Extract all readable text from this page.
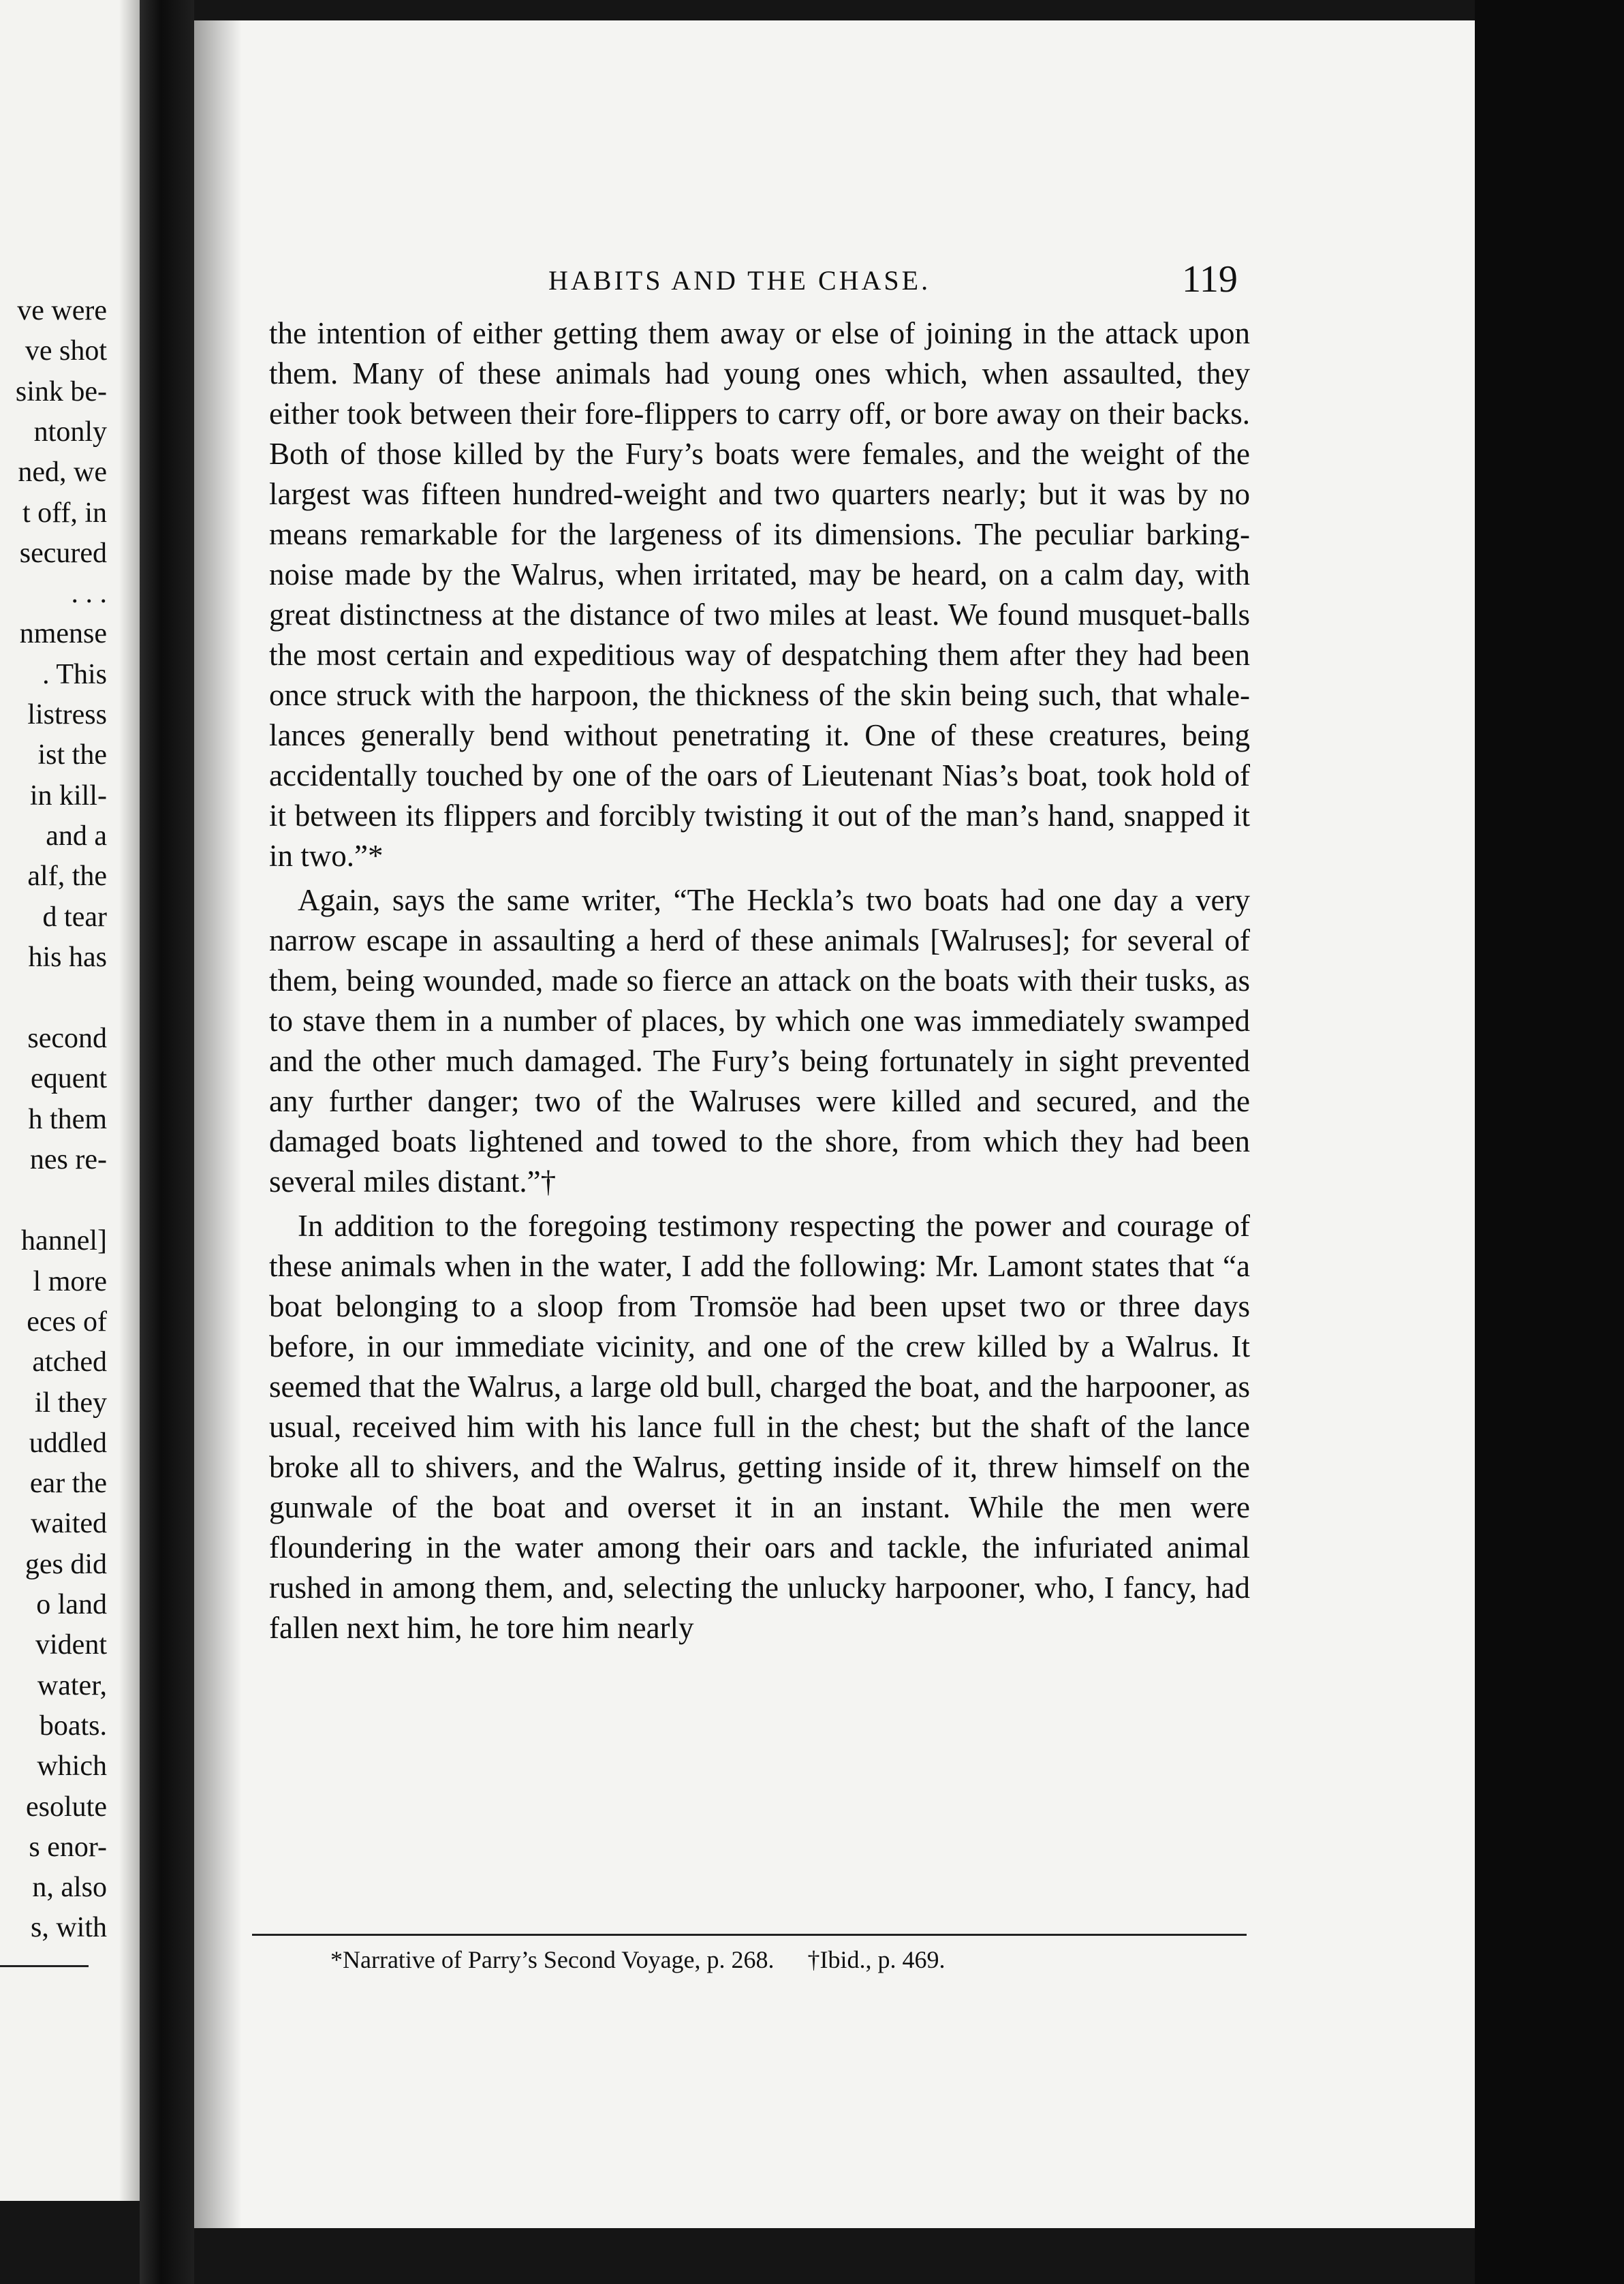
ve were
ve shot
sink be-
ntonly
ned, we
t off, in
secured
. . .
nmense
. This
listress
ist the
in kill-
and a
alf, the
d tear
his has
second
equent
h them
nes re-
hannel]
l more
eces of
atched
il they
uddled
ear the
waited
ges did
o land
vident
water,
boats.
which
esolute
s enor-
n, also
s, with
HABITS AND THE CHASE.	119

the intention of either getting them away or else of joining in the attack upon them. Many of these animals had young ones which, when assaulted, they either took between their fore-flippers to carry off, or bore away on their backs. Both of those killed by the Fury’s boats were females, and the weight of the largest was fifteen hundred-weight and two quarters nearly; but it was by no means remarkable for the largeness of its dimensions. The peculiar barking-noise made by the Walrus, when irritated, may be heard, on a calm day, with great distinctness at the distance of two miles at least. We found musquet-balls the most certain and expeditious way of despatching them after they had been once struck with the harpoon, the thickness of the skin being such, that whale-lances generally bend without penetrating it. One of these creatures, being accidentally touched by one of the oars of Lieutenant Nias’s boat, took hold of it between its flippers and forcibly twisting it out of the man’s hand, snapped it in two.”*

Again, says the same writer, “The Heckla’s two boats had one day a very narrow escape in assaulting a herd of these animals [Walruses]; for several of them, being wounded, made so fierce an attack on the boats with their tusks, as to stave them in a number of places, by which one was immediately swamped and the other much damaged. The Fury’s being fortunately in sight prevented any further danger; two of the Walruses were killed and secured, and the damaged boats lightened and towed to the shore, from which they had been several miles distant.”†

In addition to the foregoing testimony respecting the power and courage of these animals when in the water, I add the following: Mr. Lamont states that “a boat belonging to a sloop from Tromsöe had been upset two or three days before, in our immediate vicinity, and one of the crew killed by a Walrus. It seemed that the Walrus, a large old bull, charged the boat, and the harpooner, as usual, received him with his lance full in the chest; but the shaft of the lance broke all to shivers, and the Walrus, getting inside of it, threw himself on the gunwale of the boat and overset it in an instant. While the men were floundering in the water among their oars and tackle, the infuriated animal rushed in among them, and, selecting the unlucky harpooner, who, I fancy, had fallen next him, he tore him nearly

*Narrative of Parry’s Second Voyage, p. 268. †Ibid., p. 469.
